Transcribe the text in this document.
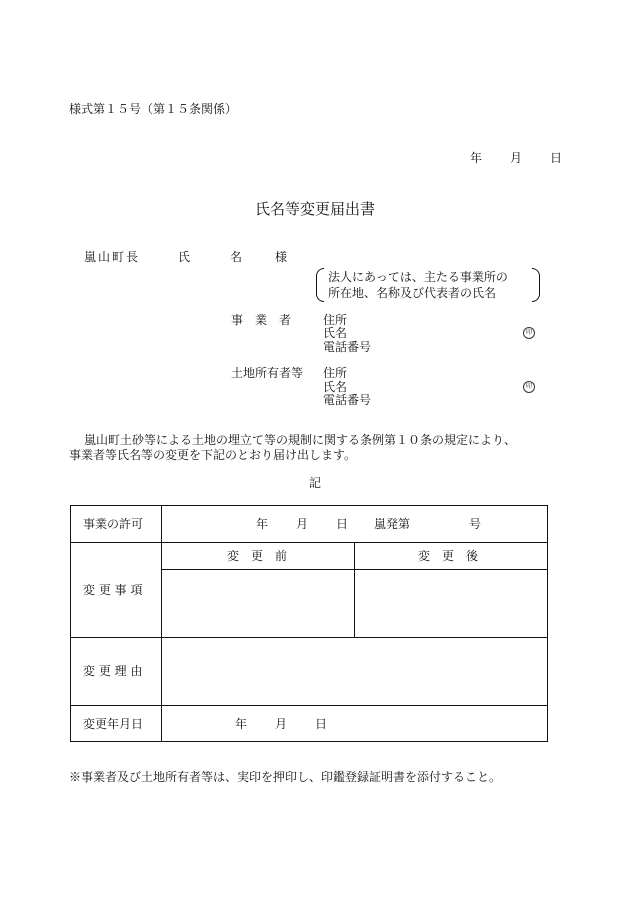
様式第１５号（第１５条関係）
年 月 日
氏名等変更届出書
嵐山町長	氏	名	様
法人にあっては、主たる事業所の
所在地、名称及び代表者の氏名
事　業　者	住所
氏名
電話番号
印
土地所有者等 住所
氏名
電話番号
印
嵐山町土砂等による土地の埋立て等の規制に関する条例第１０条の規定により、
事業者等氏名等の変更を下記のとおり届け出します。
記
事業の許可	年 月 日 嵐発第	号
変 更 事 項
変　更　前	変　更　後
変 更 理 由
変更年月日	年 月 日
※事業者及び土地所有者等は、実印を押印し、印鑑登録証明書を添付すること。
